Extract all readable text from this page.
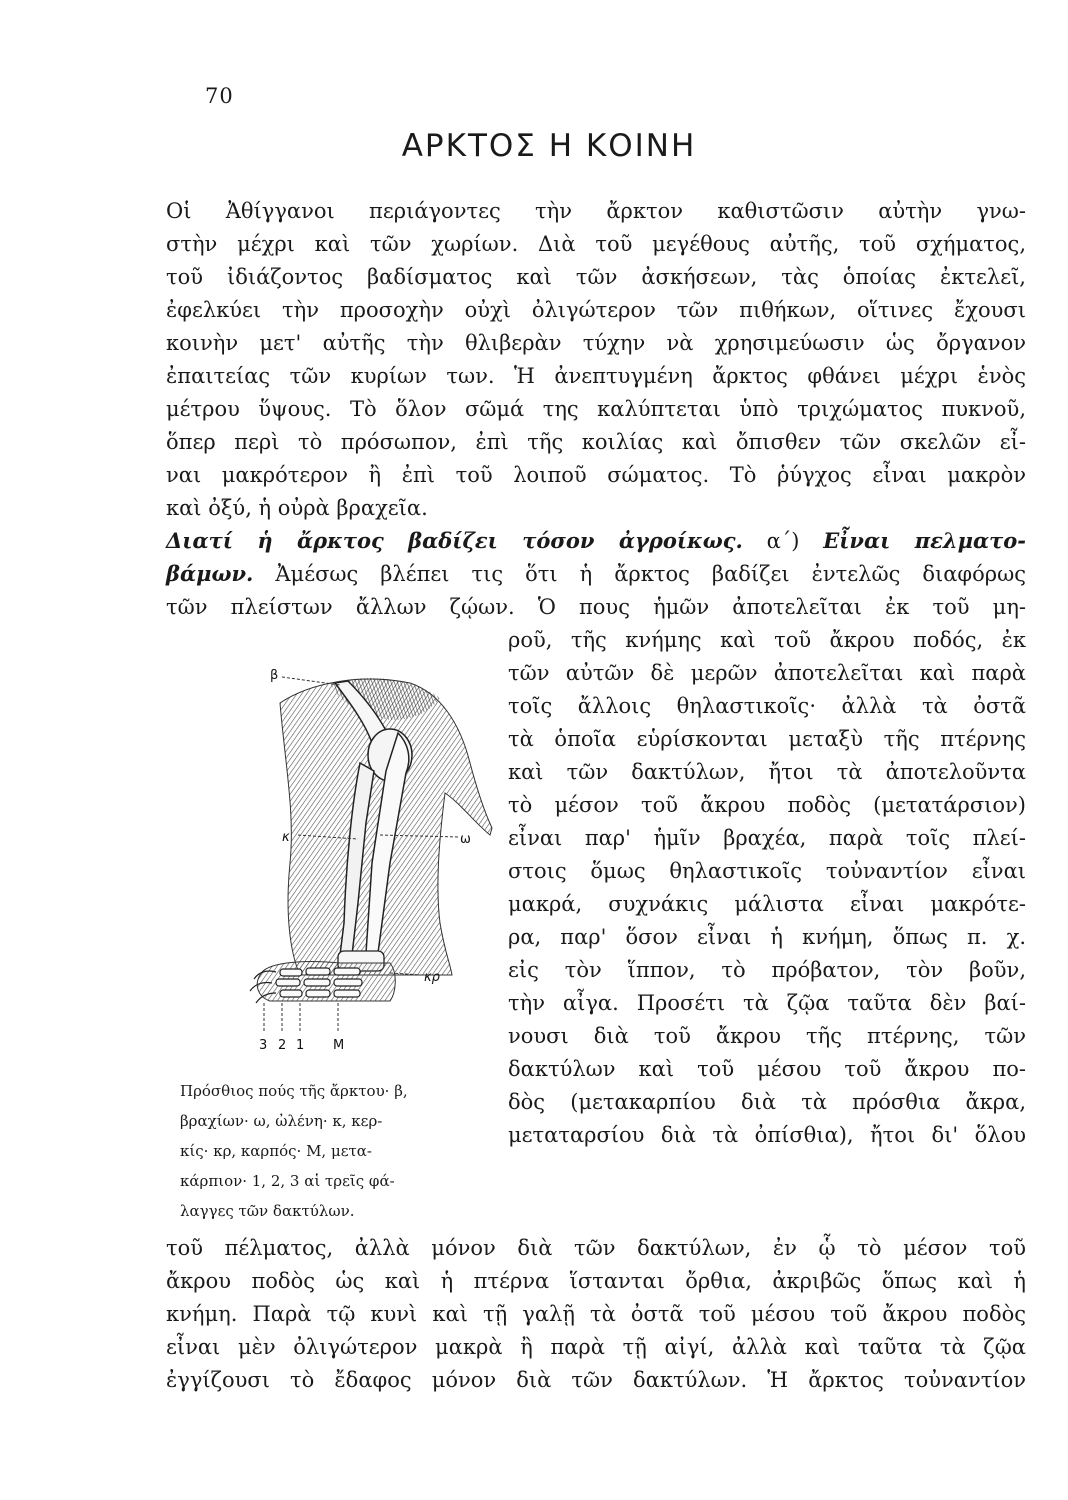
70
ΑΡΚΤΟΣ Η ΚΟΙΝΗ
Οἱ Ἀθίγγανοι περιάγοντες τὴν ἄρκτον καθιστῶσιν αὐτὴν γνω-
στὴν μέχρι καὶ τῶν χωρίων. Διὰ τοῦ μεγέθους αὐτῆς, τοῦ σχήματος,
τοῦ ἰδιάζοντος βαδίσματος καὶ τῶν ἀσκήσεων, τὰς ὁποίας ἐκτελεῖ,
ἐφελκύει τὴν προσοχὴν οὐχὶ ὀλιγώτερον τῶν πιθήκων, οἵτινες ἔχουσι
κοινὴν μετ' αὐτῆς τὴν θλιβερὰν τύχην νὰ χρησιμεύωσιν ὡς ὄργανον
ἐπαιτείας τῶν κυρίων των. Ἡ ἀνεπτυγμένη ἄρκτος φθάνει μέχρι ἑνὸς
μέτρου ὕψους. Τὸ ὅλον σῶμά της καλύπτεται ὑπὸ τριχώματος πυκνοῦ,
ὅπερ περὶ τὸ πρόσωπον, ἐπὶ τῆς κοιλίας καὶ ὄπισθεν τῶν σκελῶν εἶ-
ναι μακρότερον ἢ ἐπὶ τοῦ λοιποῦ σώματος. Τὸ ῥύγχος εἶναι μακρὸν
καὶ ὀξύ, ἡ οὐρὰ βραχεῖα.
Διατί ἡ ἄρκτος βαδίζει τόσον ἀγροίκως. α΄) Εἶναι πελματο-
βάμων. Ἀμέσως βλέπει τις ὅτι ἡ ἄρκτος βαδίζει ἐντελῶς διαφόρως
τῶν πλείστων ἄλλων ζῴων. Ὁ πους ἡμῶν ἀποτελεῖται ἐκ τοῦ μη-
ροῦ, τῆς κνήμης καὶ τοῦ ἄκρου ποδός, ἐκ
τῶν αὐτῶν δὲ μερῶν ἀποτελεῖται καὶ παρὰ
τοῖς ἄλλοις θηλαστικοῖς· ἀλλὰ τὰ ὀστᾶ
τὰ ὁποῖα εὑρίσκονται μεταξὺ τῆς πτέρνης
καὶ τῶν δακτύλων, ἤτοι τὰ ἀποτελοῦντα
τὸ μέσον τοῦ ἄκρου ποδὸς (μετατάρσιον)
εἶναι παρ' ἡμῖν βραχέα, παρὰ τοῖς πλεί-
στοις ὅμως θηλαστικοῖς τοὐναντίον εἶναι
μακρά, συχνάκις μάλιστα εἶναι μακρότε-
ρα, παρ' ὅσον εἶναι ἡ κνήμη, ὅπως π. χ.
εἰς τὸν ἵππον, τὸ πρόβατον, τὸν βοῦν,
τὴν αἶγα. Προσέτι τὰ ζῷα ταῦτα δὲν βαί-
νουσι διὰ τοῦ ἄκρου τῆς πτέρνης, τῶν
δακτύλων καὶ τοῦ μέσου τοῦ ἄκρου πο-
δὸς (μετακαρπίου διὰ τὰ πρόσθια ἄκρα,
μεταταρσίου διὰ τὰ ὀπίσθια), ἤτοι δι' ὅλου
β
ω
κ
κρ
3 2 1 Μ
Πρόσθιος πούς τῆς ἄρκτου· β,
βραχίων· ω, ὠλένη· κ, κερ-
κίς· κρ, καρπός· Μ, μετα-
κάρπιον· 1, 2, 3 αἱ τρεῖς φά-
λαγγες τῶν δακτύλων.
τοῦ πέλματος, ἀλλὰ μόνον διὰ τῶν δακτύλων, ἐν ᾧ τὸ μέσον τοῦ
ἄκρου ποδὸς ὡς καὶ ἡ πτέρνα ἵστανται ὄρθια, ἀκριβῶς ὅπως καὶ ἡ
κνήμη. Παρὰ τῷ κυνὶ καὶ τῇ γαλῇ τὰ ὀστᾶ τοῦ μέσου τοῦ ἄκρου ποδὸς
εἶναι μὲν ὀλιγώτερον μακρὰ ἢ παρὰ τῇ αἰγί, ἀλλὰ καὶ ταῦτα τὰ ζῷα
ἐγγίζουσι τὸ ἔδαφος μόνον διὰ τῶν δακτύλων. Ἡ ἄρκτος τοὐναντίον
